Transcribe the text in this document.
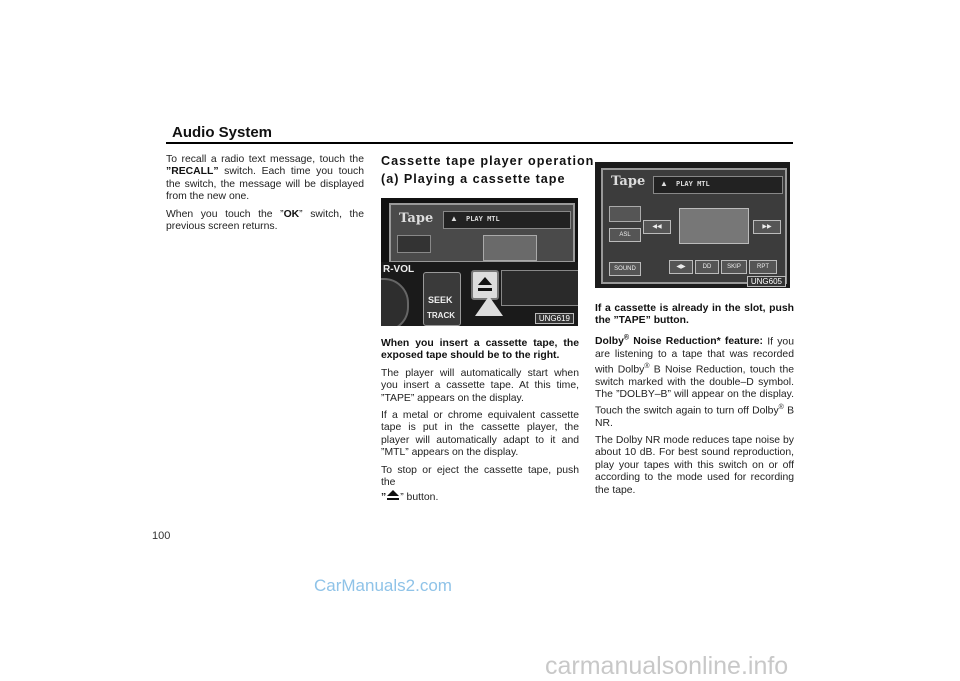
Audio System

To recall a radio text message, touch the ”RECALL” switch. Each time you touch the switch, the message will be displayed from the new one.

When you touch the ”OK” switch, the previous screen returns.

Cassette tape player operation
(a) Playing a cassette tape
Tape ▲ PLAY MTL
R-VOL
SEEK
TRACK	UNG619

When you insert a cassette tape, the exposed tape should be to the right.

The player will automatically start when you insert a cassette tape. At this time, ”TAPE” appears on the display.

If a metal or chrome equivalent cassette tape is put in the cassette player, the player will automatically adapt to it and ”MTL” appears on the display.

To stop or eject the cassette tape, push the
” ” button.

Tape ▲ PLAY MTL
ASL
◀◀	▶▶
SOUND	◀▶	DD	SKIP	RPT
UNG605

If a cassette is already in the slot, push the ”TAPE” button.

Dolby® Noise Reduction* feature: If you are listening to a tape that was recorded with Dolby® B Noise Reduction, touch the switch marked with the double–D symbol. The ”DOLBY–B” will appear on the display. Touch the switch again to turn off Dolby® B NR.

The Dolby NR mode reduces tape noise by about 10 dB. For best sound reproduction, play your tapes with this switch on or off according to the mode used for recording the tape.

100
CarManuals2.com
carmanualsonline.info
